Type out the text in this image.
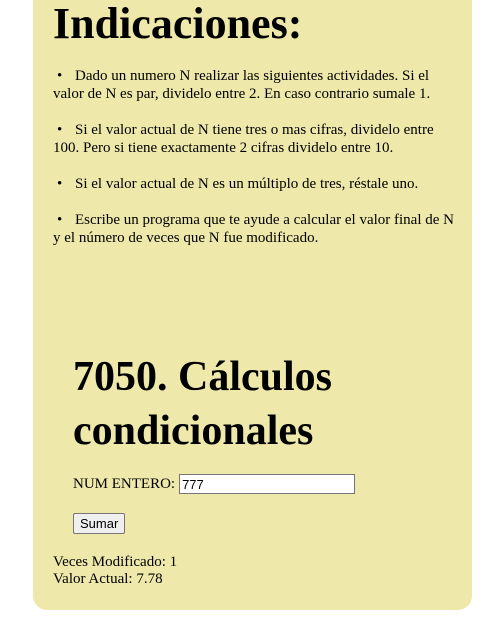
Indicaciones:
• Dado un numero N realizar las siguientes actividades. Si el valor de N es par, dividelo entre 2. En caso contrario sumale 1.
• Si el valor actual de N tiene tres o mas cifras, dividelo entre 100. Pero si tiene exactamente 2 cifras dividelo entre 10.
• Si el valor actual de N es un múltiplo de tres, réstale uno.
• Escribe un programa que te ayude a calcular el valor final de N y el número de veces que N fue modificado.
7050. Cálculos condicionales
NUM ENTERO:
777
Sumar
Veces Modificado: 1
Valor Actual: 7.78
